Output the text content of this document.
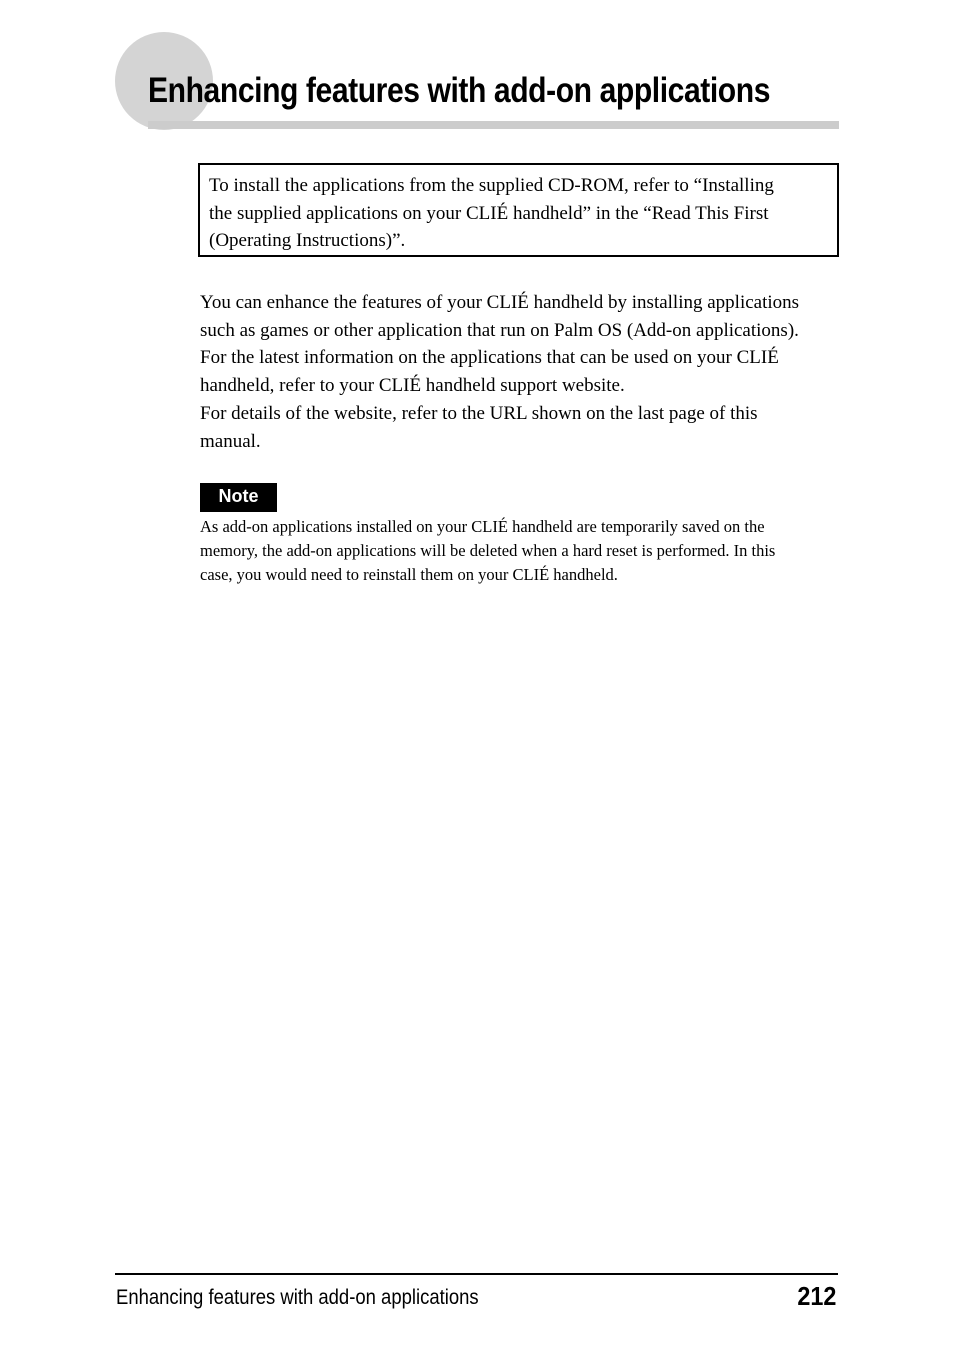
Enhancing features with add-on applications
To install the applications from the supplied CD-ROM, refer to “Installing
the supplied applications on your CLIÉ handheld” in the “Read This First
(Operating Instructions)”.

You can enhance the features of your CLIÉ handheld by installing applications
such as games or other application that run on Palm OS (Add-on applications).
For the latest information on the applications that can be used on your CLIÉ
handheld, refer to your CLIÉ handheld support website.

For details of the website, refer to the URL shown on the last page of this
manual.

Note
As add-on applications installed on your CLIÉ handheld are temporarily saved on the
memory, the add-on applications will be deleted when a hard reset is performed. In this
case, you would need to reinstall them on your CLIÉ handheld.
Enhancing features with add-on applications	212
